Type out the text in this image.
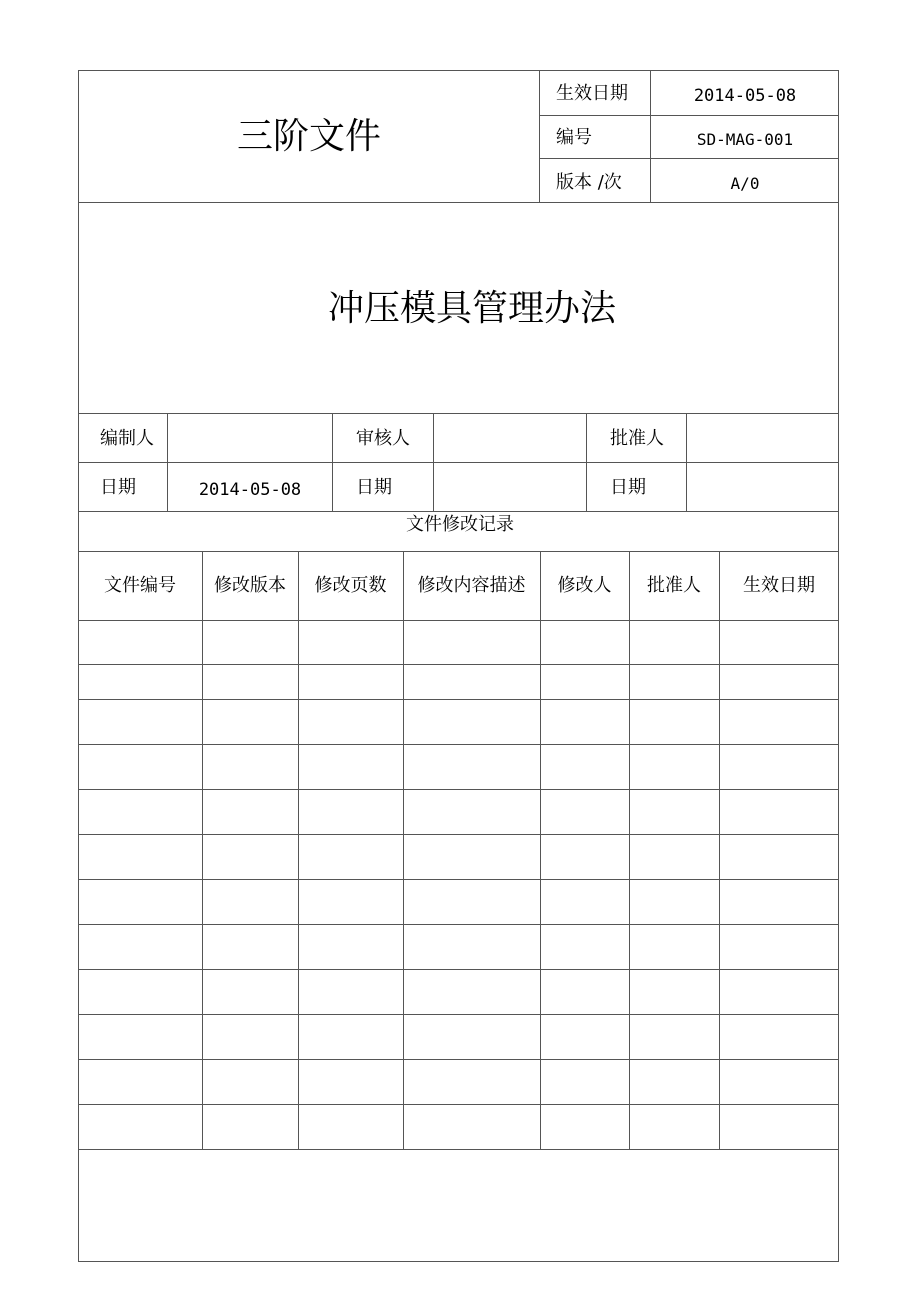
三阶文件
生效日期	2014-05-08
编号	SD-MAG-001
版本 /次	A/0
冲压模具管理办法
编制人	审核人	批准人
日期	2014-05-08	日期	日期
文件修改记录
文件编号 修改版本 修改页数 修改内容描述 修改人 批准人 生效日期
